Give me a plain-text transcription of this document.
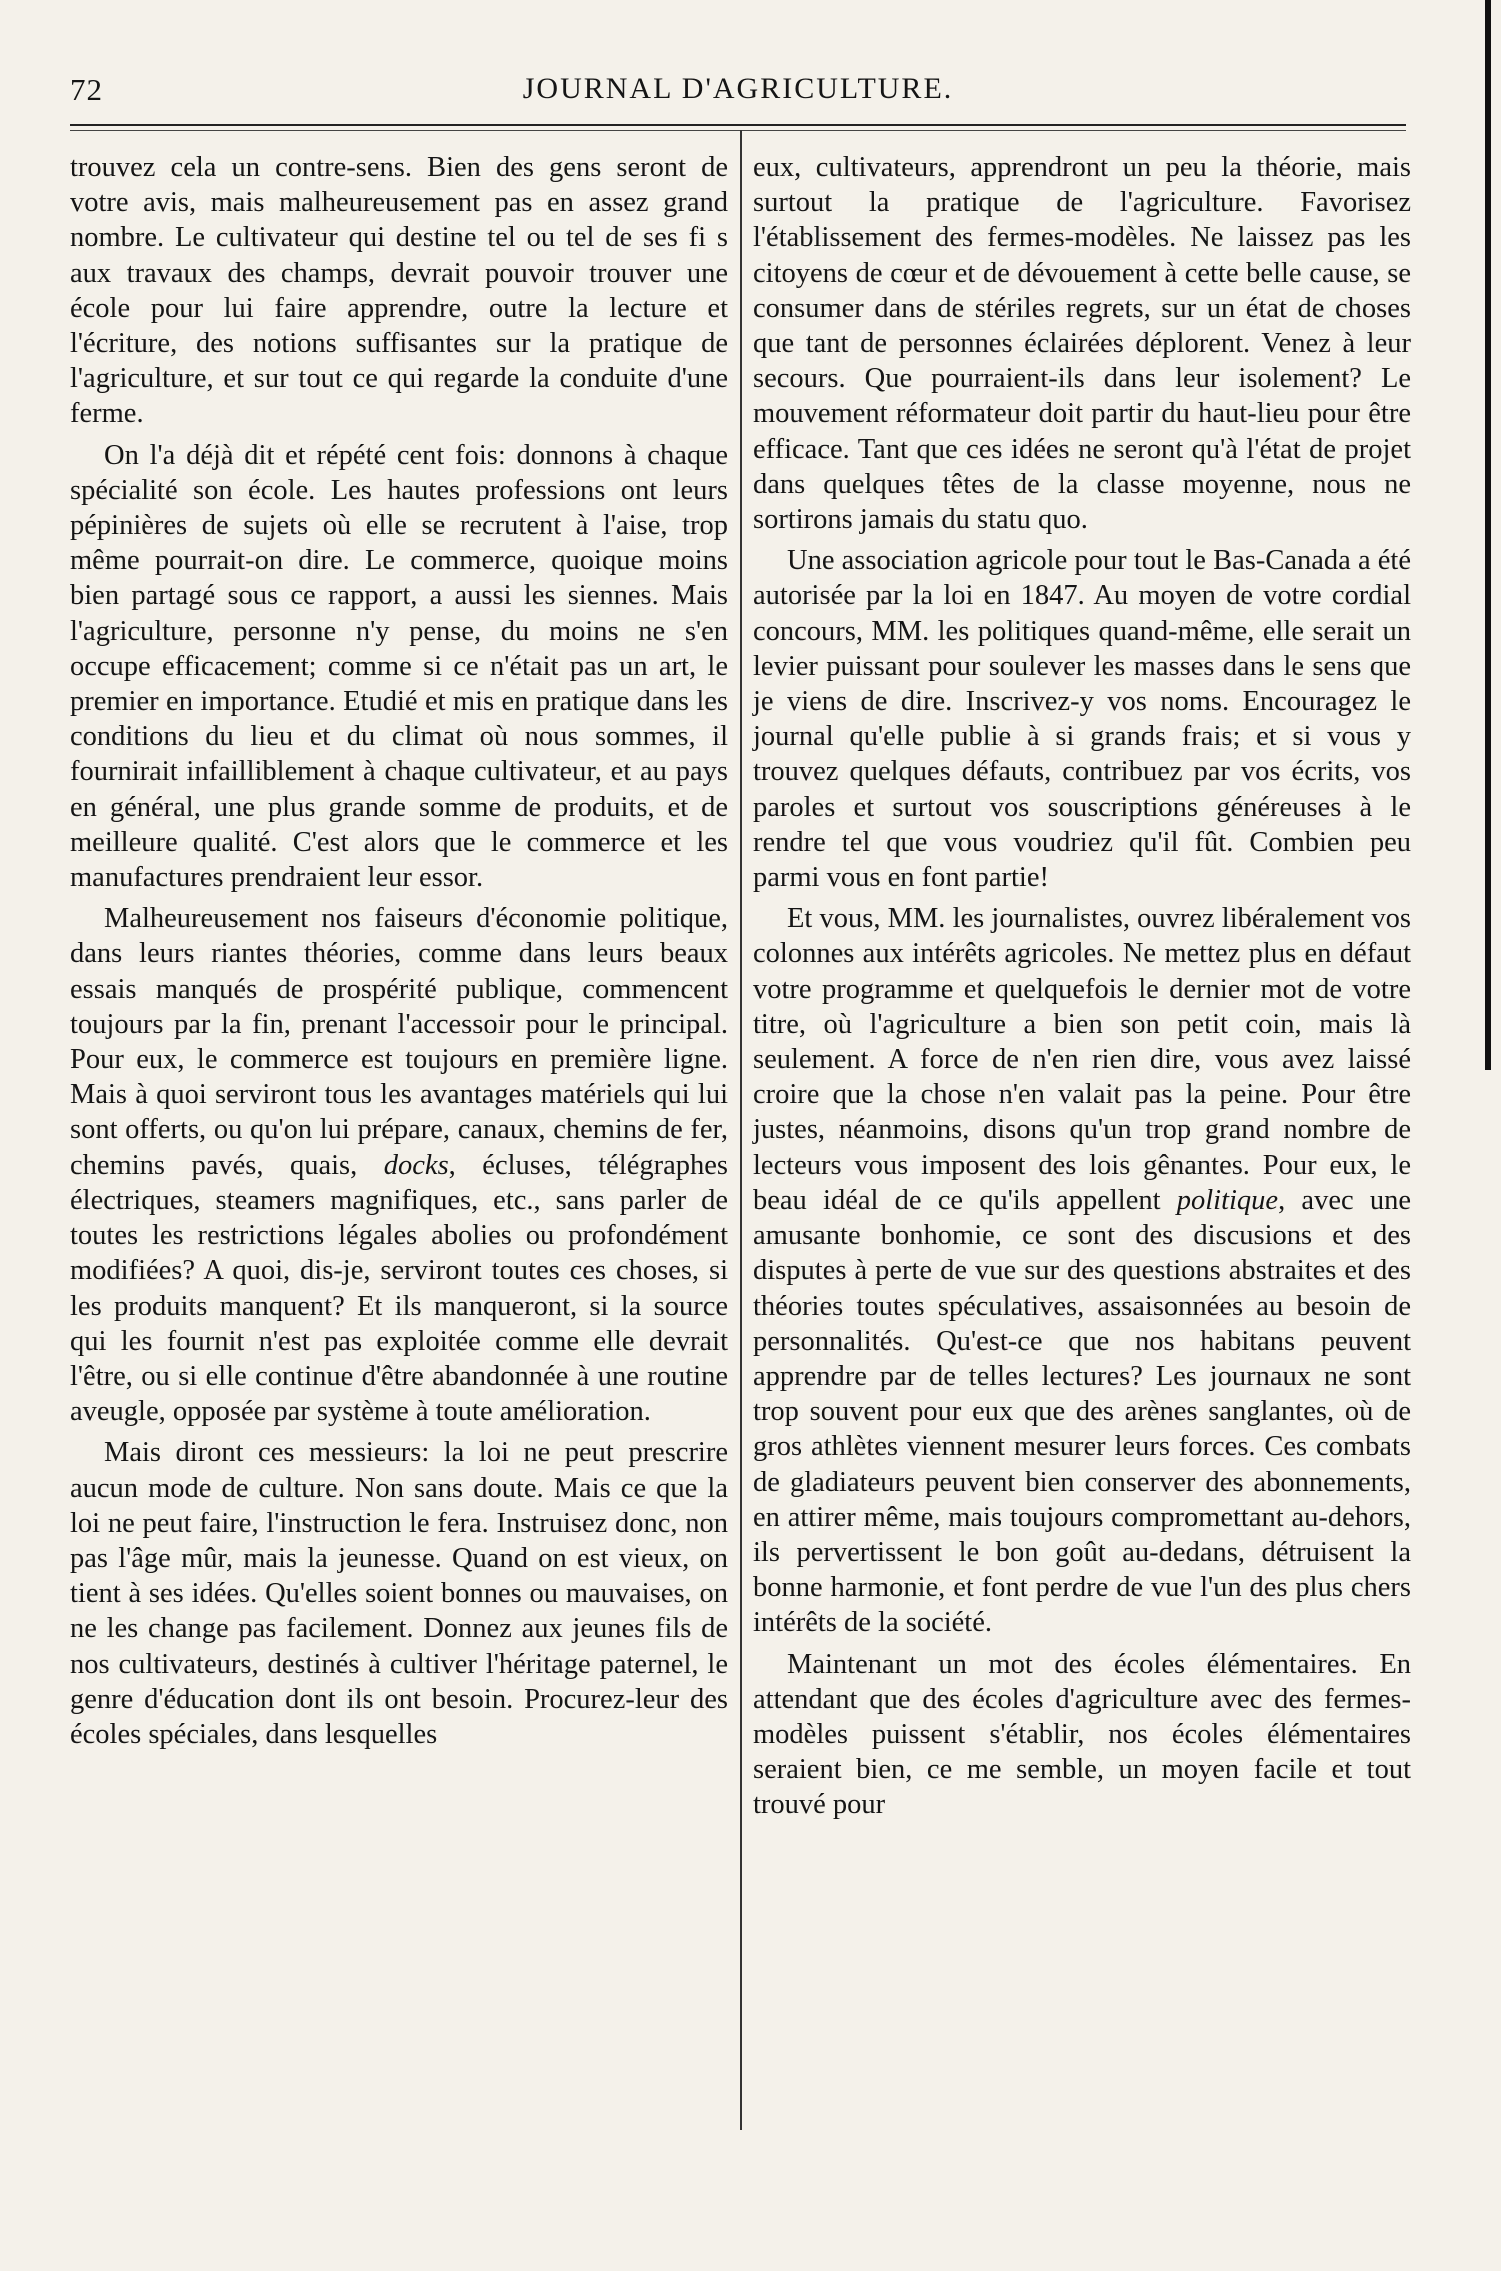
72	JOURNAL D'AGRICULTURE.

trouvez cela un contre-sens. Bien des gens seront de votre avis, mais malheureusement pas en assez grand nombre. Le cultivateur qui destine tel ou tel de ses fi s aux travaux des champs, devrait pouvoir trouver une école pour lui faire apprendre, outre la lecture et l'écriture, des notions suffisantes sur la pratique de l'agriculture, et sur tout ce qui regarde la conduite d'une ferme.

On l'a déjà dit et répété cent fois: donnons à chaque spécialité son école. Les hautes professions ont leurs pépinières de sujets où elle se recrutent à l'aise, trop même pourrait-on dire. Le commerce, quoique moins bien partagé sous ce rapport, a aussi les siennes. Mais l'agriculture, personne n'y pense, du moins ne s'en occupe efficacement; comme si ce n'était pas un art, le premier en importance. Etudié et mis en pratique dans les conditions du lieu et du climat où nous sommes, il fournirait infailliblement à chaque cultivateur, et au pays en général, une plus grande somme de produits, et de meilleure qualité. C'est alors que le commerce et les manufactures prendraient leur essor.

Malheureusement nos faiseurs d'économie politique, dans leurs riantes théories, comme dans leurs beaux essais manqués de prospérité publique, commencent toujours par la fin, prenant l'accessoir pour le principal. Pour eux, le commerce est toujours en première ligne. Mais à quoi serviront tous les avantages matériels qui lui sont offerts, ou qu'on lui prépare, canaux, chemins de fer, chemins pavés, quais, docks, écluses, télégraphes électriques, steamers magnifiques, etc., sans parler de toutes les restrictions légales abolies ou profondément modifiées? A quoi, dis-je, serviront toutes ces choses, si les produits manquent? Et ils manqueront, si la source qui les fournit n'est pas exploitée comme elle devrait l'être, ou si elle continue d'être abandonnée à une routine aveugle, opposée par système à toute amélioration.

Mais diront ces messieurs: la loi ne peut prescrire aucun mode de culture. Non sans doute. Mais ce que la loi ne peut faire, l'instruction le fera. Instruisez donc, non pas l'âge mûr, mais la jeunesse. Quand on est vieux, on tient à ses idées. Qu'elles soient bonnes ou mauvaises, on ne les change pas facilement. Donnez aux jeunes fils de nos cultivateurs, destinés à cultiver l'héritage paternel, le genre d'éducation dont ils ont besoin. Procurez-leur des écoles spéciales, dans lesquelles

eux, cultivateurs, apprendront un peu la théorie, mais surtout la pratique de l'agriculture. Favorisez l'établissement des fermes-modèles. Ne laissez pas les citoyens de cœur et de dévouement à cette belle cause, se consumer dans de stériles regrets, sur un état de choses que tant de personnes éclairées déplorent. Venez à leur secours. Que pourraient-ils dans leur isolement? Le mouvement réformateur doit partir du haut-lieu pour être efficace. Tant que ces idées ne seront qu'à l'état de projet dans quelques têtes de la classe moyenne, nous ne sortirons jamais du statu quo.

Une association agricole pour tout le Bas-Canada a été autorisée par la loi en 1847. Au moyen de votre cordial concours, MM. les politiques quand-même, elle serait un levier puissant pour soulever les masses dans le sens que je viens de dire. Inscrivez-y vos noms. Encouragez le journal qu'elle publie à si grands frais; et si vous y trouvez quelques défauts, contribuez par vos écrits, vos paroles et surtout vos souscriptions généreuses à le rendre tel que vous voudriez qu'il fût. Combien peu parmi vous en font partie!

Et vous, MM. les journalistes, ouvrez libéralement vos colonnes aux intérêts agricoles. Ne mettez plus en défaut votre programme et quelquefois le dernier mot de votre titre, où l'agriculture a bien son petit coin, mais là seulement. A force de n'en rien dire, vous avez laissé croire que la chose n'en valait pas la peine. Pour être justes, néanmoins, disons qu'un trop grand nombre de lecteurs vous imposent des lois gênantes. Pour eux, le beau idéal de ce qu'ils appellent politique, avec une amusante bonhomie, ce sont des discusions et des disputes à perte de vue sur des questions abstraites et des théories toutes spéculatives, assaisonnées au besoin de personnalités. Qu'est-ce que nos habitans peuvent apprendre par de telles lectures? Les journaux ne sont trop souvent pour eux que des arènes sanglantes, où de gros athlètes viennent mesurer leurs forces. Ces combats de gladiateurs peuvent bien conserver des abonnements, en attirer même, mais toujours compromettant au-dehors, ils pervertissent le bon goût au-dedans, détruisent la bonne harmonie, et font perdre de vue l'un des plus chers intérêts de la société.

Maintenant un mot des écoles élémentaires. En attendant que des écoles d'agriculture avec des fermes-modèles puissent s'établir, nos écoles élémentaires seraient bien, ce me semble, un moyen facile et tout trouvé pour
